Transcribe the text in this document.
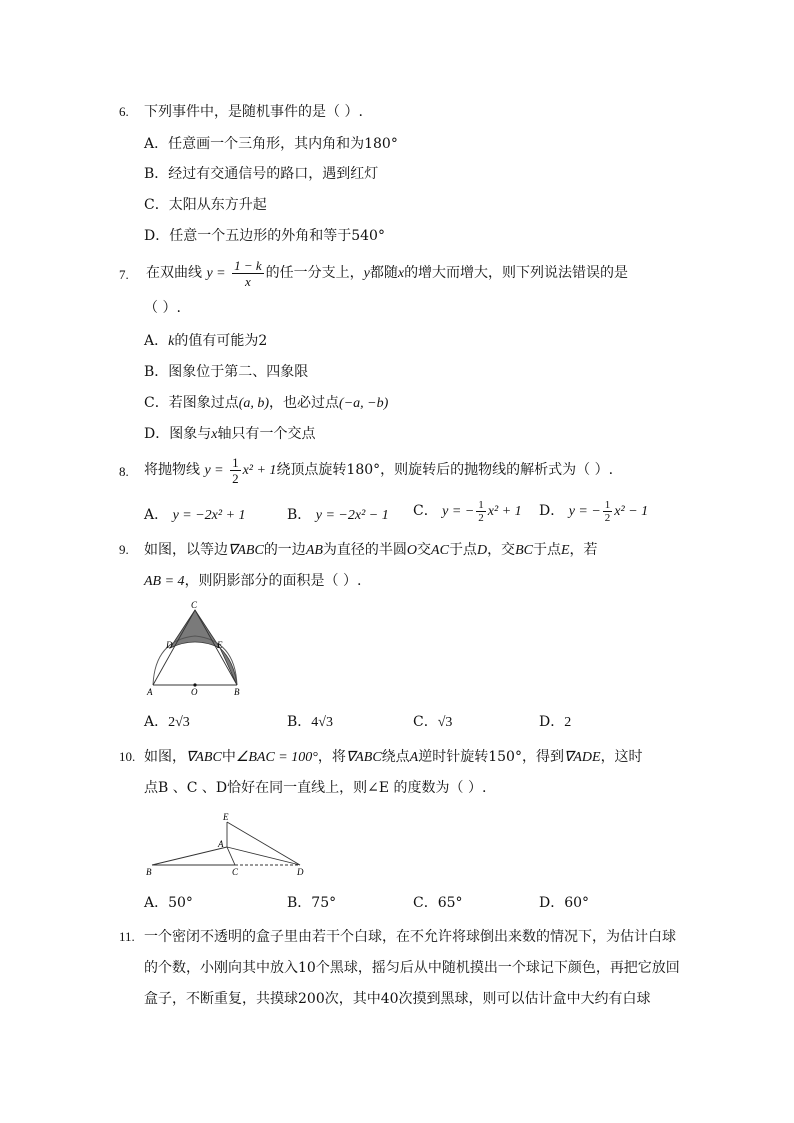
6. 下列事件中，是随机事件的是（ ）.
A．任意画一个三角形，其内角和为180°
B．经过有交通信号的路口，遇到红灯
C．太阳从东方升起
D．任意一个五边形的外角和等于540°
7. 在双曲线 $y = \frac{1 - k}{x}$ 的任一分支上，y都随x的增大而增大，则下列说法错误的是
（ ）.
A．k的值有可能为2
B．图象位于第二、四象限
C．若图象过点(a, b)，也必过点(−a, −b)
D．图象与x轴只有一个交点
8. 将抛物线 $y = \frac{1}{2} x^2 + 1$绕顶点旋转180°，则旋转后的抛物线的解析式为（ ）.
A． y = −2x² + 1	B． y = −2x² − 1 C． y = − $\frac{1}{2} x^2 + 1$ D． y = − $\frac{1}{2} x^2 - 1$
9. 如图，以等边∇ABC的一边AB为直径的半圆O交AC于点D，交BC于点E，若
AB = 4，则阴影部分的面积是（ ）.
C
D	E
A	O	B
A．2√3	B．4√3	C．√3	D．2
10. 如图，∇ABC中∠BAC = 100°，将∇ABC绕点A逆时针旋转150°，得到∇ADE，这时
点B 、C 、D恰好在同一直线上，则∠E 的度数为（ ）.
E
A
B	C	D
A．50°	B．75°	C．65°	D．60°
11. 一个密闭不透明的盒子里由若干个白球，在不允许将球倒出来数的情况下，为估计白球
的个数，小刚向其中放入10个黑球，摇匀后从中随机摸出一个球记下颜色，再把它放回
盒子，不断重复，共摸球200次，其中40次摸到黑球，则可以估计盒中大约有白球
